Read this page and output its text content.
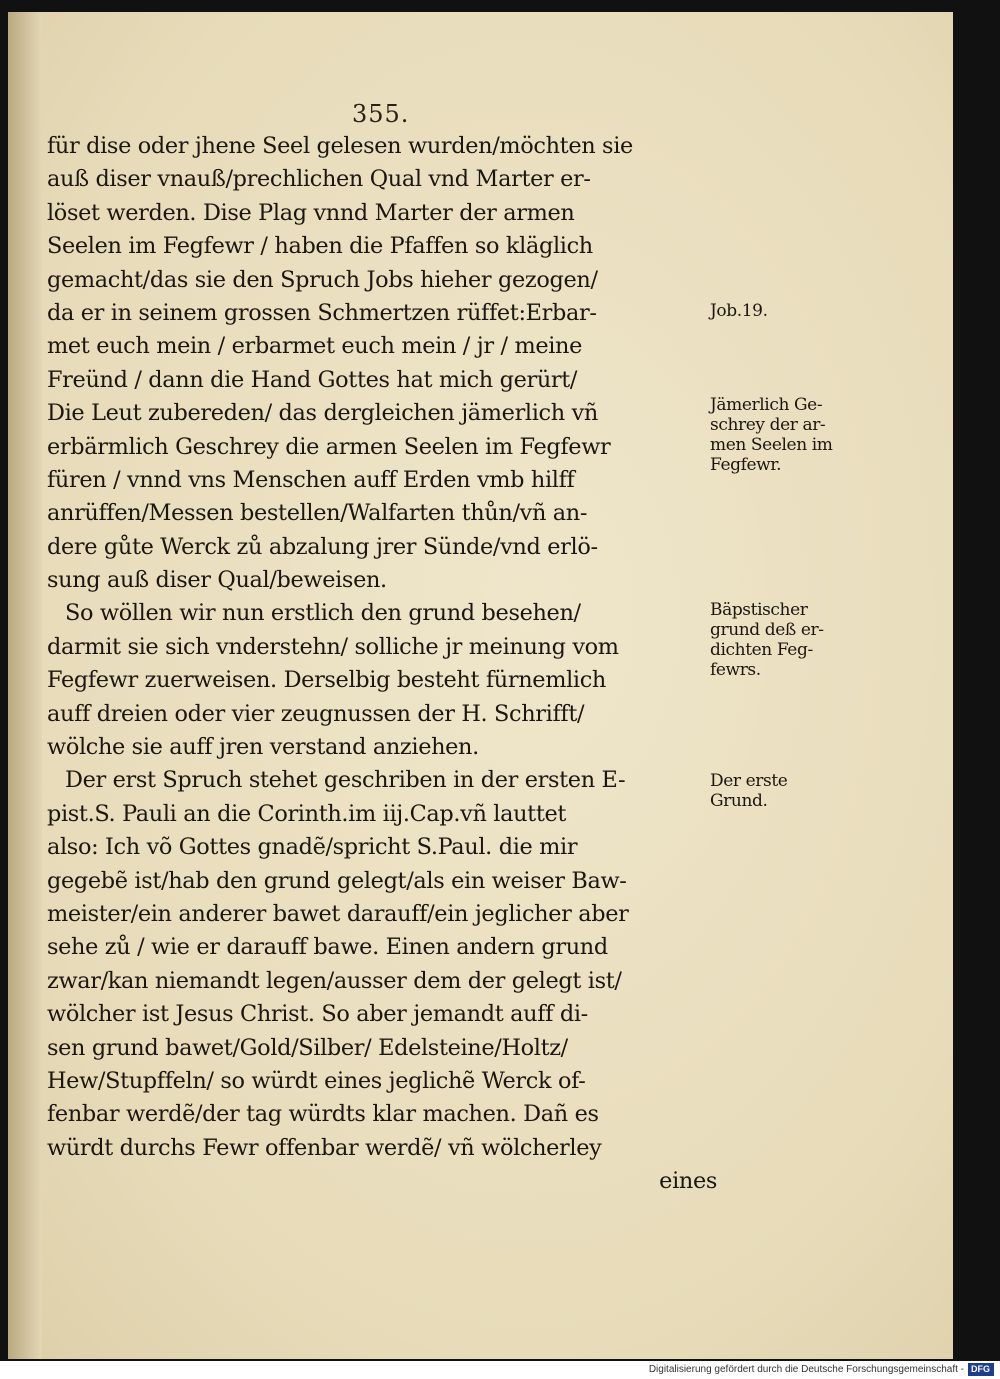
355.
für dise oder jhene Seel gelesen wurden/möchten sie
auß diser vnauß/prechlichen Qual vnd Marter er-
löset werden. Dise Plag vnnd Marter der armen
Seelen im Fegfewr / haben die Pfaffen so kläglich
gemacht/das sie den Spruch Jobs hieher gezogen/
da er in seinem grossen Schmertzen rüffet:Erbar-
met euch mein / erbarmet euch mein / jr / meine
Freünd / dann die Hand Gottes hat mich gerürt/
Die Leut zubereden/ das dergleichen jämerlich vñ
erbärmlich Geschrey die armen Seelen im Fegfewr
füren / vnnd vns Menschen auff Erden vmb hilff
anrüffen/Messen bestellen/Walfarten thůn/vñ an-
dere gůte Werck zů abzalung jrer Sünde/vnd erlö-
sung auß diser Qual/beweisen.
So wöllen wir nun erstlich den grund besehen/
darmit sie sich vnderstehn/ solliche jr meinung vom
Fegfewr zuerweisen. Derselbig besteht fürnemlich
auff dreien oder vier zeugnussen der H. Schrifft/
wölche sie auff jren verstand anziehen.
Der erst Spruch stehet geschriben in der ersten E-
pist.S. Pauli an die Corinth.im iij.Cap.vñ lauttet
also: Ich võ Gottes gnadẽ/spricht S.Paul. die mir
gegebẽ ist/hab den grund gelegt/als ein weiser Baw-
meister/ein anderer bawet darauff/ein jeglicher aber
sehe zů / wie er darauff bawe. Einen andern grund
zwar/kan niemandt legen/ausser dem der gelegt ist/
wölcher ist Jesus Christ. So aber jemandt auff di-
sen grund bawet/Gold/Silber/ Edelsteine/Holtz/
Hew/Stupffeln/ so würdt eines jeglichẽ Werck of-
fenbar werdẽ/der tag würdts klar machen. Dañ es
würdt durchs Fewr offenbar werdẽ/ vñ wölcherley
eines
Job.19.
Jämerlich Ge-
schrey der ar-
men Seelen im
Fegfewr.
Bäpstischer
grund deß er-
dichten Feg-
fewrs.
Der erste
Grund.
Digitalisierung gefördert durch die Deutsche Forschungsgemeinschaft - DFG
